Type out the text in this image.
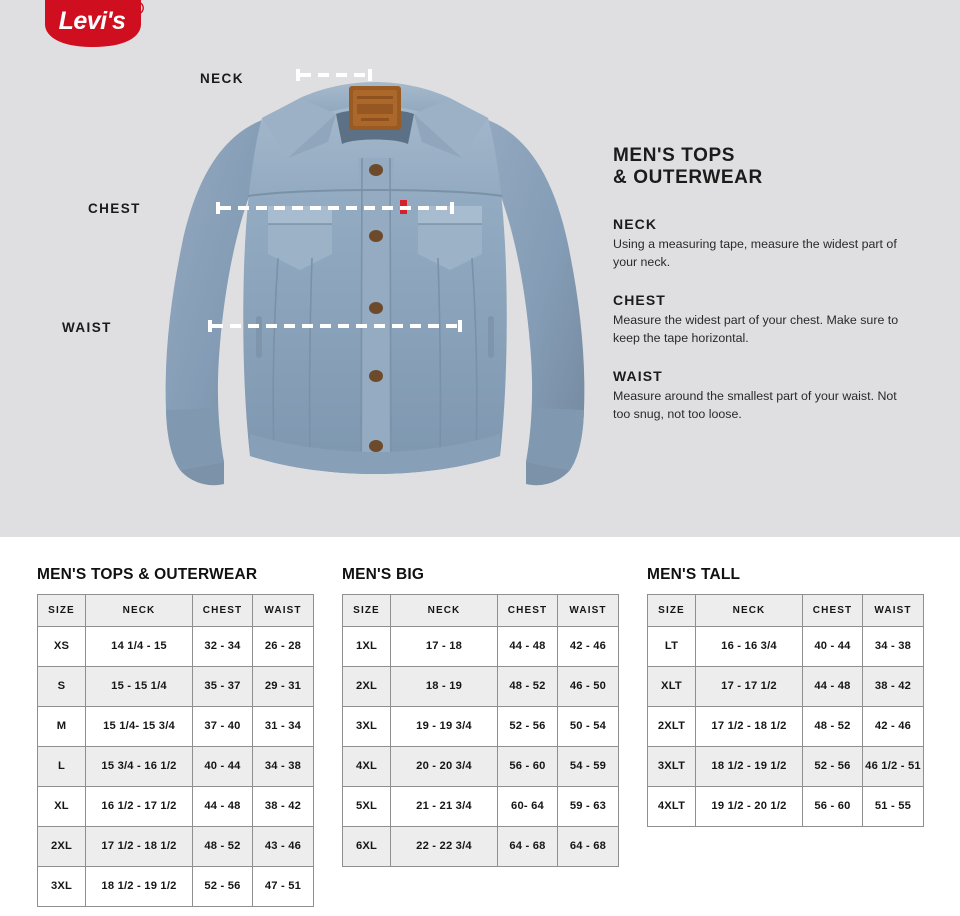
Levi's R
NECK
CHEST
WAIST
MEN'S TOPS
& OUTERWEAR
NECK

Using a measuring tape, measure the widest part of your neck.

CHEST

Measure the widest part of your chest. Make sure to keep the tape horizontal.

WAIST

Measure around the smallest part of your waist. Not too snug, not too loose.

MEN'S TOPS & OUTERWEAR
SIZE	NECK	CHEST	WAIST
XS	14 1/4 - 15	32 - 34	26 - 28
S	15 - 15 1/4	35 - 37	29 - 31
M	15 1/4- 15 3/4	37 - 40	31 - 34
L	15 3/4 - 16 1/2	40 - 44	34 - 38
XL	16 1/2 - 17 1/2	44 - 48	38 - 42
2XL	17 1/2 - 18 1/2	48 - 52	43 - 46
3XL	18 1/2 - 19 1/2	52 - 56	47 - 51
MEN'S BIG
SIZE	NECK	CHEST	WAIST
1XL	17 - 18	44 - 48	42 - 46
2XL	18 - 19	48 - 52	46 - 50
3XL	19 - 19 3/4	52 - 56	50 - 54
4XL	20 - 20 3/4	56 - 60	54 - 59
5XL	21 - 21 3/4	60- 64	59 - 63
6XL	22 - 22 3/4	64 - 68	64 - 68
MEN'S TALL
SIZE	NECK	CHEST	WAIST
LT	16 - 16 3/4	40 - 44	34 - 38
XLT	17 - 17 1/2	44 - 48	38 - 42
2XLT	17 1/2 - 18 1/2	48 - 52	42 - 46
3XLT	18 1/2 - 19 1/2	52 - 56	46 1/2 - 51
4XLT	19 1/2 - 20 1/2	56 - 60	51 - 55
